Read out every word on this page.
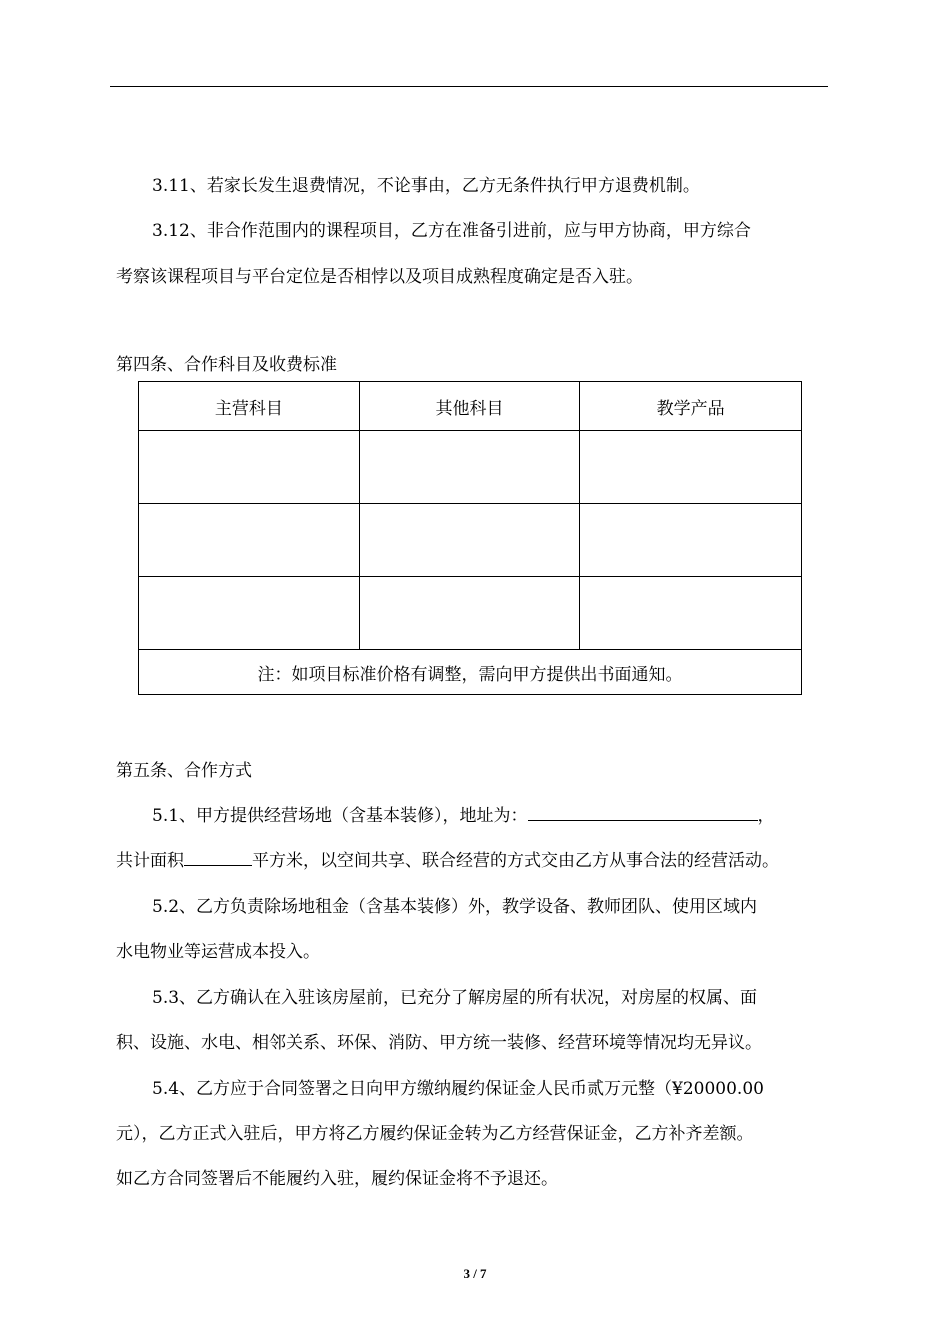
3.11、若家长发生退费情况，不论事由，乙方无条件执行甲方退费机制。
3.12、非合作范围内的课程项目，乙方在准备引进前，应与甲方协商，甲方综合
考察该课程项目与平台定位是否相悖以及项目成熟程度确定是否入驻。
第四条、合作科目及收费标准
主营科目	其他科目	教学产品

注：如项目标准价格有调整，需向甲方提供出书面通知。		
第五条、合作方式
5.1、甲方提供经营场地（含基本装修），地址为：	，
共计面积	平方米，以空间共享、联合经营的方式交由乙方从事合法的经营活动。
5.2、乙方负责除场地租金（含基本装修）外，教学设备、教师团队、使用区域内
水电物业等运营成本投入。
5.3、乙方确认在入驻该房屋前，已充分了解房屋的所有状况，对房屋的权属、面
积、设施、水电、相邻关系、环保、消防、甲方统一装修、经营环境等情况均无异议。
5.4、乙方应于合同签署之日向甲方缴纳履约保证金人民币贰万元整（¥20000.00
元），乙方正式入驻后，甲方将乙方履约保证金转为乙方经营保证金，乙方补齐差额。
如乙方合同签署后不能履约入驻，履约保证金将不予退还。
3 / 7
